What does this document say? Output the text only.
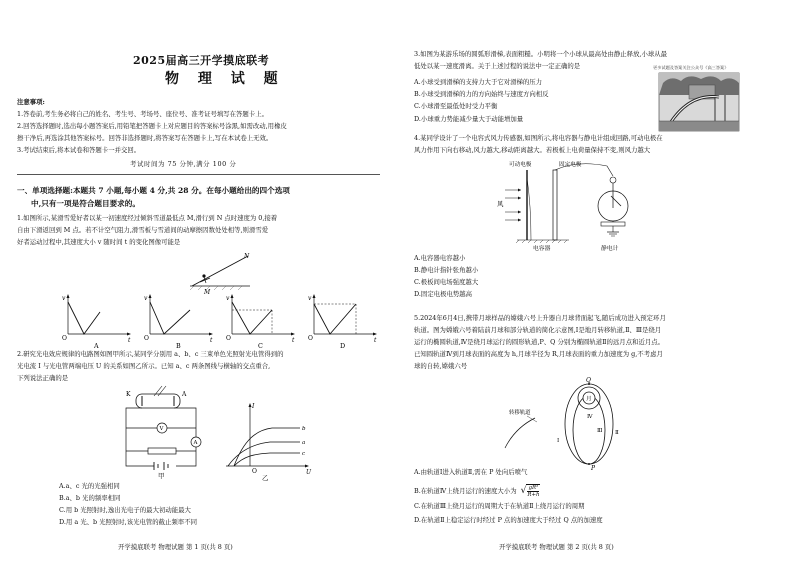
2025届高三开学摸底联考
物 理 试 题
注意事项:
1.答卷前,考生务必将自己的姓名、考生号、考场号、座位号、准考证号填写在答题卡上。
2.回答选择题时,选出每小题答案后,用铅笔把答题卡上对应题目的答案标号涂黑,如需改动,用橡皮
擦干净后,再选涂其他答案标号。回答非选择题时,将答案写在答题卡上,写在本试卷上无效。
3.考试结束后,将本试卷和答题卡一并交回。
考试时间为 75 分钟,满分 100 分
一、单项选择题:本题共 7 小题,每小题 4 分,共 28 分。在每小题给出的四个选项
中,只有一项是符合题目要求的。
1.如图所示,某滑雪爱好者以某一初速度经过倾斜雪道最低点 M,滑行到 N 点时速度为 0,接着
自由下滑返回到 M 点。若不计空气阻力,滑雪板与雪道间的动摩擦因数处处相等,则滑雪爱
好者运动过程中,其速度大小 v 随时间 t 的变化图像可能是
N
M
v
t
O
A
v
t
O
B
v
t
O
C
v
t
O
D
2.研究光电效应规律的电路图如图甲所示,某同学分别用 a、b、c 三束单色光照射光电管得到的
光电流 I 与光电管两端电压 U 的关系如图乙所示。已知 a、c 两条图线与横轴的交点重合,
下列说法正确的是
K	A
V
A
甲
b
a
c
I
U
O
乙
A.a、c 光的光强相同
B.a、b 光的频率相同
C.用 b 光照射时,逸出光电子的最大初动能最大
D.用 a 光、b 光照射时,该光电管的截止频率不同
开学摸底联考 物理试题 第 1 页(共 8 页)
3.如图为某游乐场的圆弧形滑梯,表面粗糙。小明将一个小球从最高处由静止释放,小球从最
低处以某一速度滑离。关于上述过程的说法中一定正确的是	更多试题及答案关注公众号《高三答案》
A.小球受到滑梯的支持力大于它对滑梯的压力
B.小球受到滑梯的力的方向始终与速度方向相反
C.小球滑至最低处时受力平衡
D.小球重力势能减少量大于动能增加量
4.某同学设计了一个电容式风力传感器,如图所示,将电容器与静电计组成回路,可动电极在
风力作用下向右移动,风力越大,移动距离越大。若极板上电荷量保持不变,则风力越大
可动电极	固定电极
风
电容器	静电计
A.电容器电容越小
B.静电计指针张角越小
C.极板间电场强度越大
D.固定电极电势越高
5.2024年6月4日,携带月球样品的嫦娥六号上升器自月球背面起飞,随后成功进入预定环月
轨道。图为嫦娥六号着陆前月球和部分轨道的简化示意图,Ⅰ是地月转移轨道,Ⅱ、Ⅲ是绕月
运行的椭圆轨道,Ⅳ是绕月球运行的圆形轨道,P、Q 分别为椭圆轨道Ⅱ的远月点和近月点。
已知圆轨道Ⅳ到月球表面的高度为 h,月球半径为 R,月球表面的重力加速度为 g,不考虑月
球的自转,嫦娥六号
转移轨道
月
Q
P
Ⅰ
Ⅱ
Ⅲ
Ⅳ
A.由轨道Ⅰ进入轨道Ⅱ,需在 P 处向后喷气
B.在轨道Ⅳ上绕月运行的速度大小为 √ $\frac{\text{gR²}}{R+h}$
C.在轨道Ⅲ上绕月运行的周期大于在轨道Ⅱ上绕月运行的周期
D.在轨道Ⅱ上稳定运行时经过 P 点的加速度大于经过 Q 点的加速度
开学摸底联考 物理试题 第 2 页(共 8 页)
